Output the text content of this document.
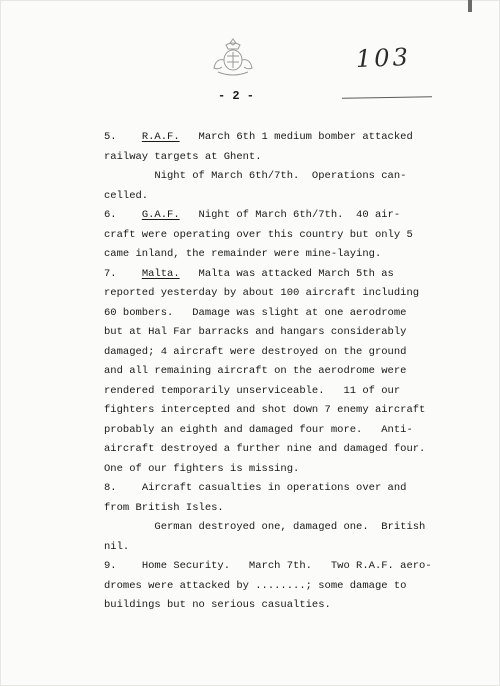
103
- 2 -
5.    R.A.F. March 6th 1 medium bomber attacked
railway targets at Ghent.
Night of March 6th/7th.  Operations can-
celled.
6.    G.A.F. Night of March 6th/7th.  40 air-
craft were operating over this country but only 5
came inland, the remainder were mine-laying.
7.    Malta. Malta was attacked March 5th as
reported yesterday by about 100 aircraft including
60 bombers.   Damage was slight at one aerodrome
but at Hal Far barracks and hangars considerably
damaged; 4 aircraft were destroyed on the ground
and all remaining aircraft on the aerodrome were
rendered temporarily unserviceable.   11 of our
fighters intercepted and shot down 7 enemy aircraft
probably an eighth and damaged four more.   Anti-
aircraft destroyed a further nine and damaged four.
One of our fighters is missing.
8.    Aircraft casualties in operations over and
from British Isles.
German destroyed one, damaged one.  British
nil.
9.    Home Security.   March 7th.   Two R.A.F. aero-
dromes were attacked by ........; some damage to
buildings but no serious casualties.
